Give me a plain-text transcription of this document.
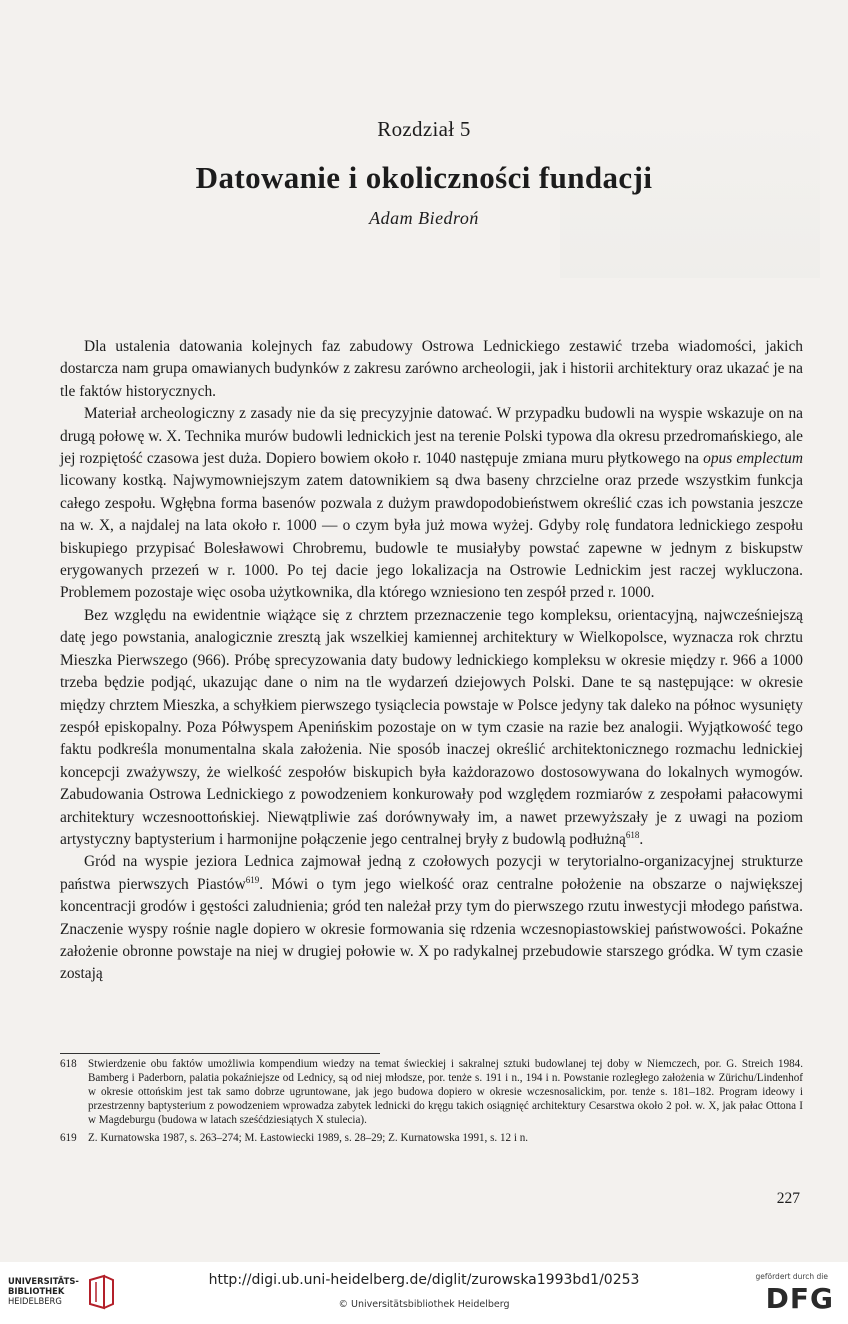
Rozdział 5
Datowanie i okoliczności fundacji
Adam Biedroń

Dla ustalenia datowania kolejnych faz zabudowy Ostrowa Lednickiego zestawić trzeba wiadomości, jakich dostarcza nam grupa omawianych budynków z zakresu zarówno archeologii, jak i historii architektury oraz ukazać je na tle faktów historycznych.

Materiał archeologiczny z zasady nie da się precyzyjnie datować. W przypadku budowli na wyspie wskazuje on na drugą połowę w. X. Technika murów budowli lednickich jest na terenie Polski typowa dla okresu przedromańskiego, ale jej rozpiętość czasowa jest duża. Dopiero bowiem około r. 1040 następuje zmiana muru płytkowego na opus emplectum licowany kostką. Najwymowniejszym zatem datownikiem są dwa baseny chrzcielne oraz przede wszystkim funkcja całego zespołu. Wgłębna forma basenów pozwala z dużym prawdopodobieństwem określić czas ich powstania jeszcze na w. X, a najdalej na lata około r. 1000 — o czym była już mowa wyżej. Gdyby rolę fundatora lednickiego zespołu biskupiego przypisać Bolesławowi Chrobremu, budowle te musiałyby powstać zapewne w jednym z biskupstw erygowanych przezeń w r. 1000. Po tej dacie jego lokalizacja na Ostrowie Lednickim jest raczej wykluczona. Problemem pozostaje więc osoba użytkownika, dla którego wzniesiono ten zespół przed r. 1000.

Bez względu na ewidentnie wiążące się z chrztem przeznaczenie tego kompleksu, orientacyjną, najwcześniejszą datę jego powstania, analogicznie zresztą jak wszelkiej kamiennej architektury w Wielkopolsce, wyznacza rok chrztu Mieszka Pierwszego (966). Próbę sprecyzowania daty budowy lednickiego kompleksu w okresie między r. 966 a 1000 trzeba będzie podjąć, ukazując dane o nim na tle wydarzeń dziejowych Polski. Dane te są następujące: w okresie między chrztem Mieszka, a schyłkiem pierwszego tysiąclecia powstaje w Polsce jedyny tak daleko na północ wysunięty zespół episkopalny. Poza Półwyspem Apenińskim pozostaje on w tym czasie na razie bez analogii. Wyjątkowość tego faktu podkreśla monumentalna skala założenia. Nie sposób inaczej określić architektonicznego rozmachu lednickiej koncepcji zważywszy, że wielkość zespołów biskupich była każdorazowo dostosowywana do lokalnych wymogów. Zabudowania Ostrowa Lednickiego z powodzeniem konkurowały pod względem rozmiarów z zespołami pałacowymi architektury wczesnoottońskiej. Niewątpliwie zaś dorównywały im, a nawet przewyższały je z uwagi na poziom artystyczny baptysterium i harmonijne połączenie jego centralnej bryły z budowlą podłużną$^{618}$.

Gród na wyspie jeziora Lednica zajmował jedną z czołowych pozycji w terytorialno-organizacyjnej strukturze państwa pierwszych Piastów$^{619}$. Mówi o tym jego wielkość oraz centralne położenie na obszarze o największej koncentracji grodów i gęstości zaludnienia; gród ten należał przy tym do pierwszego rzutu inwestycji młodego państwa. Znaczenie wyspy rośnie nagle dopiero w okresie formowania się rdzenia wczesnopiastowskiej państwowości. Pokaźne założenie obronne powstaje na niej w drugiej połowie w. X po radykalnej przebudowie starszego gródka. W tym czasie zostają

618 Stwierdzenie obu faktów umożliwia kompendium wiedzy na temat świeckiej i sakralnej sztuki budowlanej tej doby w Niemczech, por. G. Streich 1984. Bamberg i Paderborn, palatia pokaźniejsze od Lednicy, są od niej młodsze, por. tenże s. 191 i n., 194 i n. Powstanie rozległego założenia w Zürichu/Lindenhof w okresie ottońskim jest tak samo dobrze ugruntowane, jak jego budowa dopiero w okresie wczesnosalickim, por. tenże s. 181–182. Program ideowy i przestrzenny baptysterium z powodzeniem wprowadza zabytek lednicki do kręgu takich osiągnięć architektury Cesarstwa około 2 poł. w. X, jak pałac Ottona I w Magdeburgu (budowa w latach sześćdziesiątych X stulecia).
619 Z. Kurnatowska 1987, s. 263–274; M. Łastowiecki 1989, s. 28–29; Z. Kurnatowska 1991, s. 12 i n.
227
UNIVERSITÄTS-
BIBLIOTHEK
HEIDELBERG
http://digi.ub.uni-heidelberg.de/diglit/zurowska1993bd1/0253
© Universitätsbibliothek Heidelberg
gefördert durch die
DFG
